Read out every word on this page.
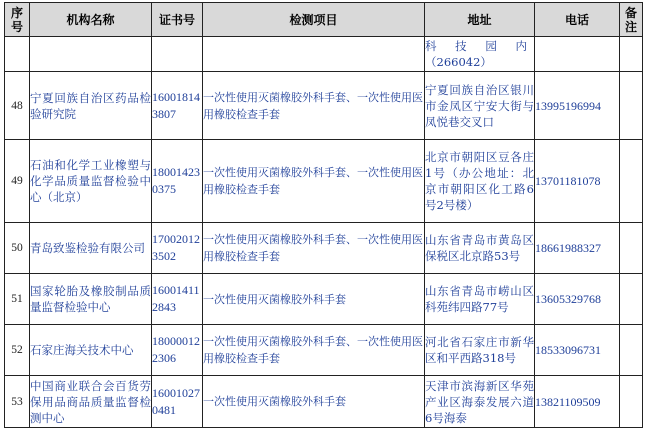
序号	机构名称	证书号	检测项目	地址	电话	备注

				科技园内
（266042）		

48	宁夏回族自治区药品检验研究院	160018143807	一次性使用灭菌橡胶外科手套、一次性使用医用橡胶检查手套	宁夏回族自治区银川市金凤区宁安大街与凤悦巷交叉口	13995196994	
49	石油和化学工业橡塑与化学品质量监督检验中心（北京）	180014230375	一次性使用灭菌橡胶外科手套、一次性使用医用橡胶检查手套	北京市朝阳区豆各庄1号（办公地址：北京市朝阳区化工路6号2号楼）	13701181078	
50	青岛致鉴检验有限公司	170020123502	一次性使用灭菌橡胶外科手套、一次性使用医用橡胶检查手套	山东省青岛市黄岛区保税区北京路53号	18661988327	
51	国家轮胎及橡胶制品质量监督检验中心	160014112843	一次性使用灭菌橡胶外科手套	山东省青岛市崂山区科苑纬四路77号	13605329768	
52	石家庄海关技术中心	180000122306	一次性使用灭菌橡胶外科手套、一次性使用医用橡胶检查手套	河北省石家庄市新华区和平西路318号	18533096731	
53	中国商业联合会百货劳保用品商品质量监督检测中心	160010270481	一次性使用灭菌橡胶外科手套	天津市滨海新区华苑产业区海泰发展六道6号海泰	13821109509	
